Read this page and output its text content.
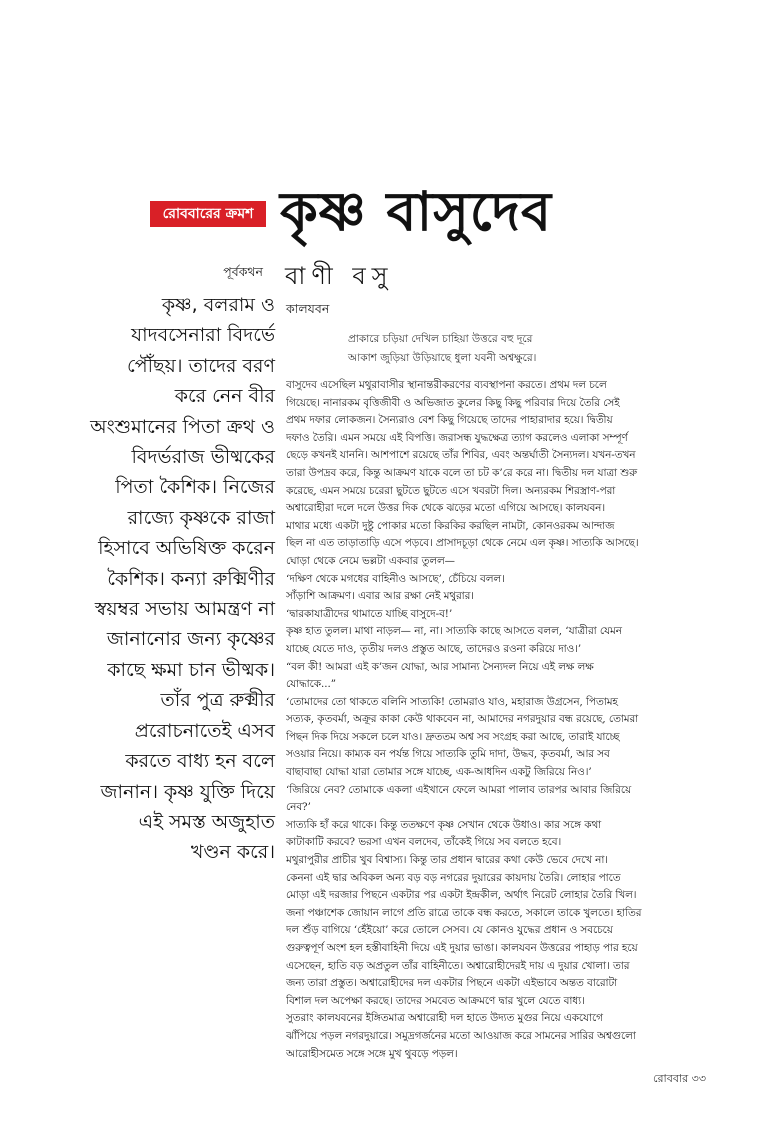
রোববারের ক্রমশ কৃষ্ণ বাসুদেব
পূর্বকথন বাণী বসু
কালযবন
প্রাকারে চড়িয়া দেখিল চাহিয়া উত্তরে বহু দূরে
আকাশ জুড়িয়া উড়িয়াছে ধুলা যবনী অশ্বক্ষুরে।
কৃষ্ণ, বলরাম ও
যাদবসেনারা বিদর্ভে
পৌঁছয়। তাদের বরণ
করে নেন বীর
অংশুমানের পিতা ক্রথ ও
বিদর্ভরাজ ভীষ্মকের
পিতা কৈশিক। নিজের
রাজ্যে কৃষ্ণকে রাজা
হিসাবে অভিষিক্ত করেন
কৈশিক। কন্যা রুক্মিণীর
স্বয়ম্বর সভায় আমন্ত্রণ না
জানানোর জন্য কৃষ্ণের
কাছে ক্ষমা চান ভীষ্মক।
তাঁর পুত্র রুক্মীর
প্ররোচনাতেই এসব
করতে বাধ্য হন বলে
জানান। কৃষ্ণ যুক্তি দিয়ে
এই সমস্ত অজুহাত
খণ্ডন করে।
বাসুদেব এসেছিল মথুরাবাসীর স্থানান্তরীকরণের ব্যবস্থাপনা করতে। প্রথম দল চলে
গিয়েছে। নানারকম বৃত্তিজীবী ও অভিজাত কুলের কিছু কিছু পরিবার দিয়ে তৈরি সেই
প্রথম দফার লোকজন। সৈন্যরাও বেশ কিছু গিয়েছে তাদের পাহারাদার হয়ে। দ্বিতীয়
দফাও তৈরি। এমন সময়ে এই বিপত্তি। জরাসন্ধ যুদ্ধক্ষেত্র ত্যাগ করলেও এলাকা সম্পূর্ণ
ছেড়ে কখনই যাননি। আশপাশে রয়েছে তাঁর শিবির, এবং অন্তর্ঘাতী সৈন্যদল। যখন-তখন
তারা উপদ্রব করে, কিন্তু আক্রমণ যাকে বলে তা চট ক’রে করে না। দ্বিতীয় দল যাত্রা শুরু
করেছে, এমন সময়ে চরেরা ছুটতে ছুটতে এসে খবরটা দিল। অন্যরকম শিরস্ত্রাণ-পরা
অশ্বারোহীরা দলে দলে উত্তর দিক থেকে ঝড়ের মতো এগিয়ে আসছে। কালযবন।
মাথার মধ্যে একটা দুষ্টু পোকার মতো কিরকির করছিল নামটা, কোনওরকম আন্দাজ
ছিল না এত তাড়াতাড়ি এসে পড়বে। প্রাসাদচূড়া থেকে নেমে এল কৃষ্ণ। সাত্যকি আসছে।
ঘোড়া থেকে নেমে ভল্লটা একবার তুলল—
‘দক্ষিণ থেকে মগধের বাহিনীও আসছে’, চেঁচিয়ে বলল।
সাঁড়াশি আক্রমণ। এবার আর রক্ষা নেই মথুরার।
‘দ্বারকাযাত্রীদের থামাতে যাচ্ছি বাসুদে-ব!’
কৃষ্ণ হাত তুলল। মাথা নাড়ল— না, না। সাত্যকি কাছে আসতে বলল, ‘যাত্রীরা যেমন
যাচ্ছে যেতে দাও, তৃতীয় দলও প্রস্তুত আছে, তাদেরও রওনা করিয়ে দাও।’
“বল কী! আমরা এই ক’জন যোদ্ধা, আর সামান্য সৈন্যদল নিয়ে এই লক্ষ লক্ষ
যোদ্ধাকে...”
‘তোমাদের তো থাকতে বলিনি সাত্যকি! তোমরাও যাও, মহারাজ উগ্রসেন, পিতামহ
সত্যক, কৃতবর্মা, অক্রূর কাকা কেউ থাকবেন না, আমাদের নগরদুয়ার বন্ধ রয়েছে, তোমরা
পিছন দিক দিয়ে সকলে চলে যাও। দ্রুততম অশ্ব সব সংগ্রহ করা আছে, তারাই যাচ্ছে
সওয়ার নিয়ে। কাম্যক বন পর্যন্ত গিয়ে সাত্যকি তুমি দাদা, উদ্ধব, কৃতবর্মা, আর সব
বাছাবাছা যোদ্ধা যারা তোমার সঙ্গে যাচ্ছে, এক-আধদিন একটু জিরিয়ে নিও।’
‘জিরিয়ে নেব? তোমাকে একলা এইখানে ফেলে আমরা পালাব তারপর আবার জিরিয়ে
নেব?’
সাত্যকি হাঁ করে থাকে। কিন্তু ততক্ষণে কৃষ্ণ সেখান থেকে উধাও। কার সঙ্গে কথা
কাটাকাটি করবে? ভরসা এখন বলদেব, তাঁকেই গিয়ে সব বলতে হবে।
মথুরাপুরীর প্রাচীর খুব বিশ্বাস্য। কিন্তু তার প্রধান দ্বারের কথা কেউ ভেবে দেখে না।
কেননা এই দ্বার অবিকল অন্য বড় বড় নগরের দুয়ারের কায়দায় তৈরি। লোহার পাতে
মোড়া এই দরজার পিছনে একটার পর একটা ইন্দ্রকীল, অর্থাৎ নিরেট লোহার তৈরি খিল।
জনা পঞ্চাশেক জোয়ান লাগে প্রতি রাত্রে তাকে বন্ধ করতে, সকালে তাকে খুলতে। হাতির
দল শুঁড় বাগিয়ে ‘হেঁইয়ো’ করে তোলে সেসব। যে কোনও যুদ্ধের প্রধান ও সবচেয়ে
গুরুত্বপূর্ণ অংশ হল হস্তীবাহিনী দিয়ে এই দুয়ার ভাঙা। কালযবন উত্তরের পাহাড় পার হয়ে
এসেছেন, হাতি বড় অপ্রতুল তাঁর বাহিনীতে। অশ্বারোহীদেরই দায় এ দুয়ার খোলা। তার
জন্য তারা প্রস্তুত। অশ্বারোহীদের দল একটার পিছনে একটা এইভাবে অন্তত বারোটা
বিশাল দল অপেক্ষা করছে। তাদের সমবেত আক্রমণে দ্বার খুলে যেতে বাধ্য।
সুতরাং কালযবনের ইঙ্গিতমাত্র অশ্বারোহী দল হাতে উদ্যত মুগুর নিয়ে একযোগে
ঝাঁপিয়ে পড়ল নগরদুয়ারে। সমুদ্রগর্জনের মতো আওয়াজ করে সামনের সারির অশ্বগুলো
আরোহীসমেত সঙ্গে সঙ্গে মুখ থুবড়ে পড়ল।
রোববার ৩৩
